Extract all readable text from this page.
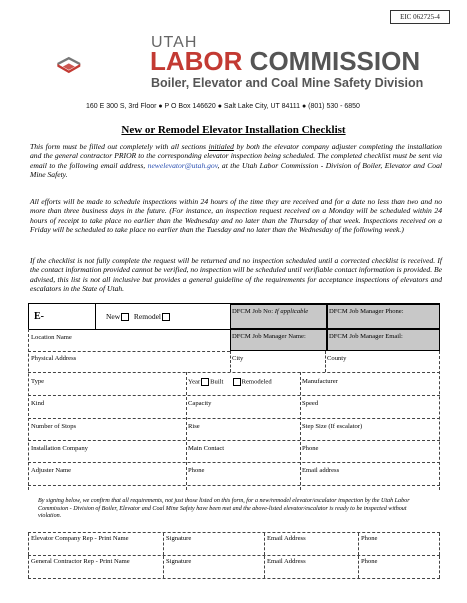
EIC 062725-4
UTAH
LABOR COMMISSION
Boiler, Elevator and Coal Mine Safety Division
160 E 300 S, 3rd Floor ● P O Box 146620 ● Salt Lake City, UT 84111 ● (801) 530 - 6850
New or Remodel Elevator Installation Checklist
This form must be filled out completely with all sections initialed by both the elevator company adjuster completing the installation and the general contractor PRIOR to the corresponding elevator inspection being scheduled. The completed checklist must be sent via email to the following email address, newelevator@utah.gov, at the Utah Labor Commission - Division of Boiler, Elevator and Coal Mine Safety.
All efforts will be made to schedule inspections within 24 hours of the time they are received and for a date no less than two and no more than three business days in the future. (For instance, an inspection request received on a Monday will be scheduled within 24 hours of receipt to take place no earlier than the Wednesday and no later than the Thursday of that week. Inspections received on a Friday will be scheduled to take place no earlier than the Tuesday and no later than the Wednesday of the following week.)
If the checklist is not fully complete the request will be returned and no inspection scheduled until a corrected checklist is received. If the contact information provided cannot be verified, no inspection will be scheduled until verifiable contact information is provided. Be advised, this list is not all inclusive but provides a general guideline of the requirements for acceptance inspections of elevators and escalators in the State of Utah.
E-	New Remodel
DFCM Job No: If applicable	DFCM Job Manager Phone:
DFCM Job Manager Name:	DFCM Job Manager Email:
Location Name
Physical Address	City	County
Type	Year Built	Remodeled	Manufacturer
Kind	Capacity	Speed
Number of Stops	Rise	Step Size (If escalator)
Installation Company	Main Contact	Phone
Adjuster Name	Phone	Email address
By signing below, we confirm that all requirements, not just those listed on this form, for a new/remodel elevator/escalator inspection by the Utah Labor Commission - Division of Boiler, Elevator and Coal Mine Safety have been met and the above-listed elevator/escalator is ready to be inspected without violation.
Elevator Company Rep - Print Name	Signature	Email Address	Phone
General Contractor Rep - Print Name	Signature	Email Address	Phone
